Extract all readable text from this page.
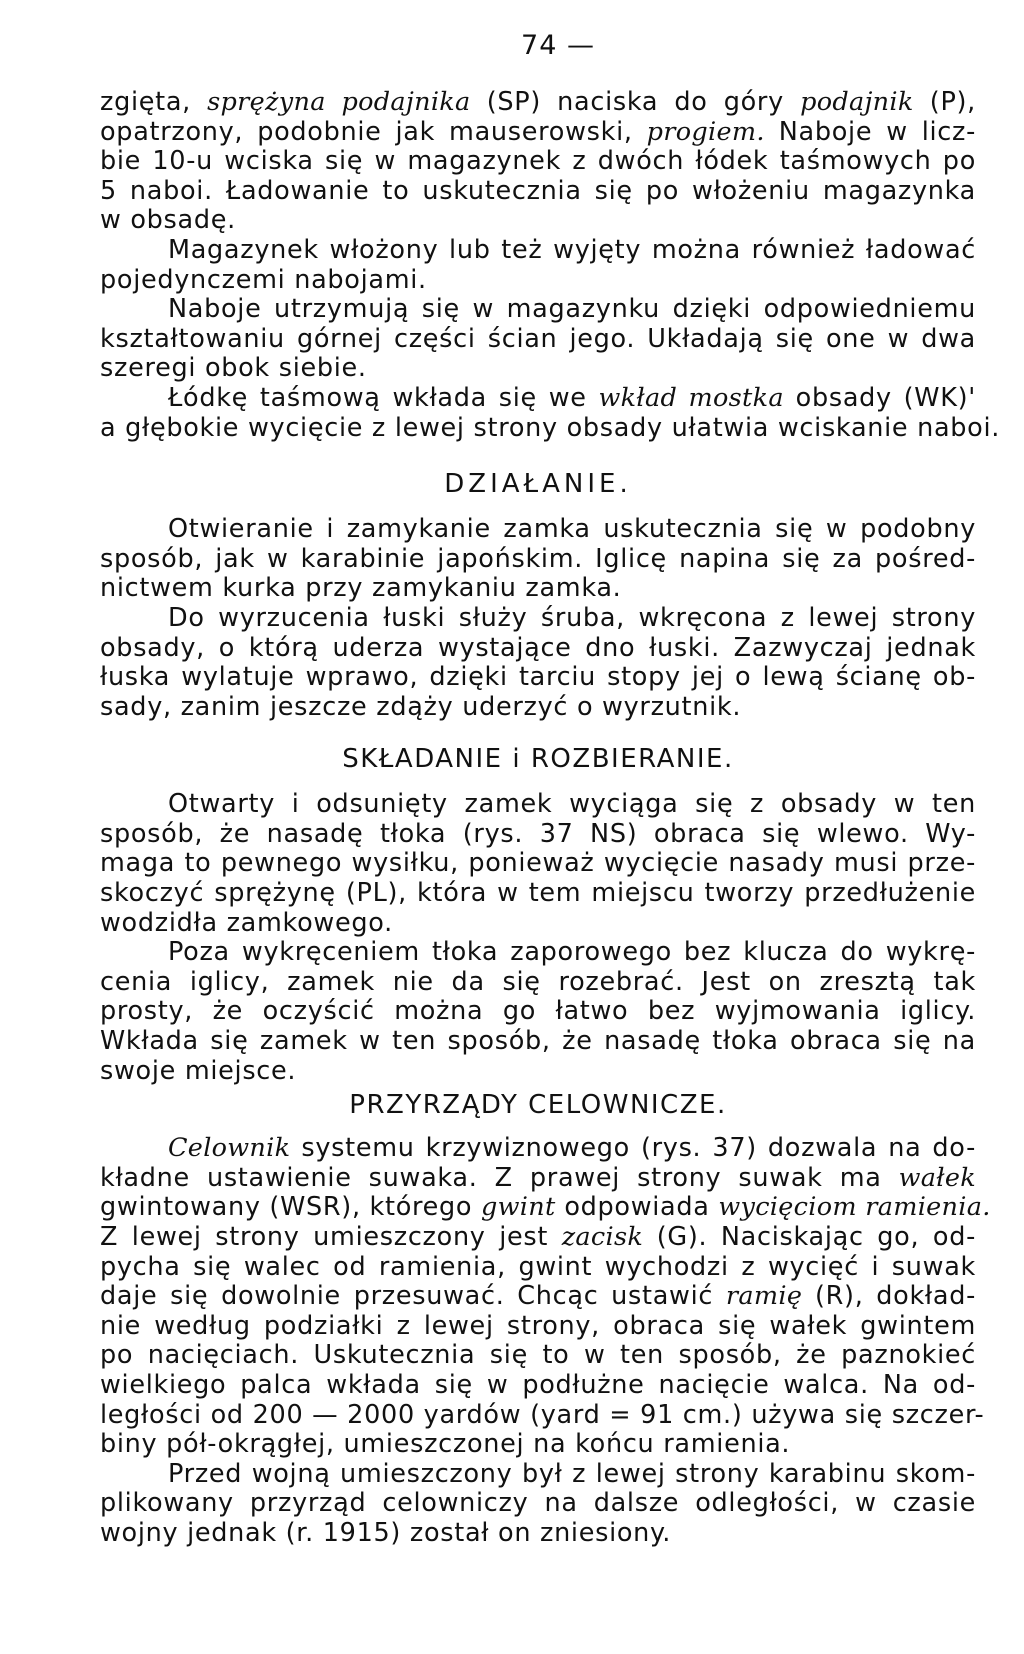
74 —
zgięta, sprężyna podajnika (SP) naciska do góry podajnik (P),
opatrzony, podobnie jak mauserowski, progiem. Naboje w licz-
bie 10-u wciska się w magazynek z dwóch łódek taśmowych po
5 naboi. Ładowanie to uskutecznia się po włożeniu magazynka
w obsadę.
Magazynek włożony lub też wyjęty można również ładować
pojedynczemi nabojami.
Naboje utrzymują się w magazynku dzięki odpowiedniemu
kształtowaniu górnej części ścian jego. Układają się one w dwa
szeregi obok siebie.
Łódkę taśmową wkłada się we wkład mostka obsady (WK)'
a głębokie wycięcie z lewej strony obsady ułatwia wciskanie naboi.
DZIAŁANIE.
Otwieranie i zamykanie zamka uskutecznia się w podobny
sposób, jak w karabinie japońskim. Iglicę napina się za pośred-
nictwem kurka przy zamykaniu zamka.
Do wyrzucenia łuski służy śruba, wkręcona z lewej strony
obsady, o którą uderza wystające dno łuski. Zazwyczaj jednak
łuska wylatuje wprawo, dzięki tarciu stopy jej o lewą ścianę ob-
sady, zanim jeszcze zdąży uderzyć o wyrzutnik.
SKŁADANIE i ROZBIERANIE.
Otwarty i odsunięty zamek wyciąga się z obsady w ten
sposób, że nasadę tłoka (rys. 37 NS) obraca się wlewo. Wy-
maga to pewnego wysiłku, ponieważ wycięcie nasady musi prze-
skoczyć sprężynę (PL), która w tem miejscu tworzy przedłużenie
wodzidła zamkowego.
Poza wykręceniem tłoka zaporowego bez klucza do wykrę-
cenia iglicy, zamek nie da się rozebrać. Jest on zresztą tak
prosty, że oczyścić można go łatwo bez wyjmowania iglicy.
Wkłada się zamek w ten sposób, że nasadę tłoka obraca się na
swoje miejsce.
PRZYRZĄDY CELOWNICZE.
Celownik systemu krzywiznowego (rys. 37) dozwala na do-
kładne ustawienie suwaka. Z prawej strony suwak ma wałek
gwintowany (WSR), którego gwint odpowiada wycięciom ramienia.
Z lewej strony umieszczony jest zacisk (G). Naciskając go, od-
pycha się walec od ramienia, gwint wychodzi z wycięć i suwak
daje się dowolnie przesuwać. Chcąc ustawić ramię (R), dokład-
nie według podziałki z lewej strony, obraca się wałek gwintem
po nacięciach. Uskutecznia się to w ten sposób, że paznokieć
wielkiego palca wkłada się w podłużne nacięcie walca. Na od-
ległości od 200 — 2000 yardów (yard = 91 cm.) używa się szczer-
biny pół-okrągłej, umieszczonej na końcu ramienia.
Przed wojną umieszczony był z lewej strony karabinu skom-
plikowany przyrząd celowniczy na dalsze odległości, w czasie
wojny jednak (r. 1915) został on zniesiony.
